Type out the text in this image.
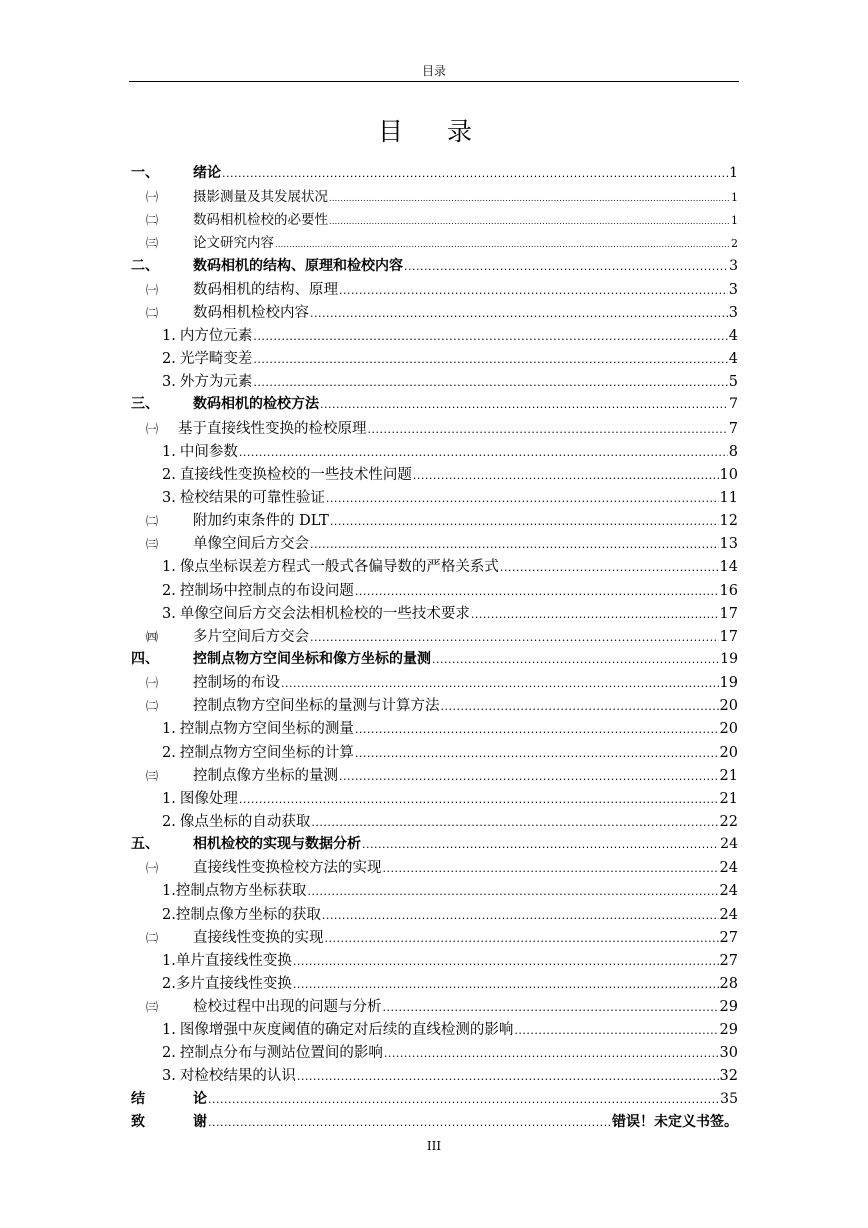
目录
目 录
一、	绪论 .....	1
㈠	摄影测量及其发展状况 .....	1
㈡	数码相机检校的必要性 .....	1
㈢	论文研究内容 .....	2
二、	数码相机的结构、原理和检校内容 .....	3
㈠	数码相机的结构、原理 .....	3
㈡	数码相机检校内容 .....	3
1. 内方位元素 .....	4
2. 光学畸变差 .....	4
3. 外方为元素 .....	5
三、	数码相机的检校方法 .....	7
㈠	基于直接线性变换的检校原理 .....	7
1. 中间参数 .....	8
2. 直接线性变换检校的一些技术性问题 .....	10
3. 检校结果的可靠性验证 .....	11
㈡	附加约束条件的 DLT .....	12
㈢	单像空间后方交会 .....	13
1. 像点坐标误差方程式一般式各偏导数的严格关系式 .....	14
2. 控制场中控制点的布设问题 .....	16
3. 单像空间后方交会法相机检校的一些技术要求 .....	17
㈣	多片空间后方交会 .....	17
四、	控制点物方空间坐标和像方坐标的量测 .....	19
㈠	控制场的布设 .....	19
㈡	控制点物方空间坐标的量测与计算方法 .....	20
1. 控制点物方空间坐标的测量 .....	20
2. 控制点物方空间坐标的计算 .....	20
㈢	控制点像方坐标的量测 .....	21
1. 图像处理 .....	21
2. 像点坐标的自动获取 .....	22
五、	相机检校的实现与数据分析 .....	24
㈠	直接线性变换检校方法的实现 .....	24
1. 控制点物方坐标获取 .....	24
2. 控制点像方坐标的获取 .....	24
㈡	直接线性变换的实现 .....	27
1. 单片直接线性变换 .....	27
2. 多片直接线性变换 .....	28
㈢	检校过程中出现的问题与分析 .....	29
1. 图像增强中灰度阈值的确定对后续的直线检测的影响 .....	29
2. 控制点分布与测站位置间的影响 .....	30
3. 对检校结果的认识 .....	32
结	论 .....	35
致	谢 .....	错误！未定义书签。
III
